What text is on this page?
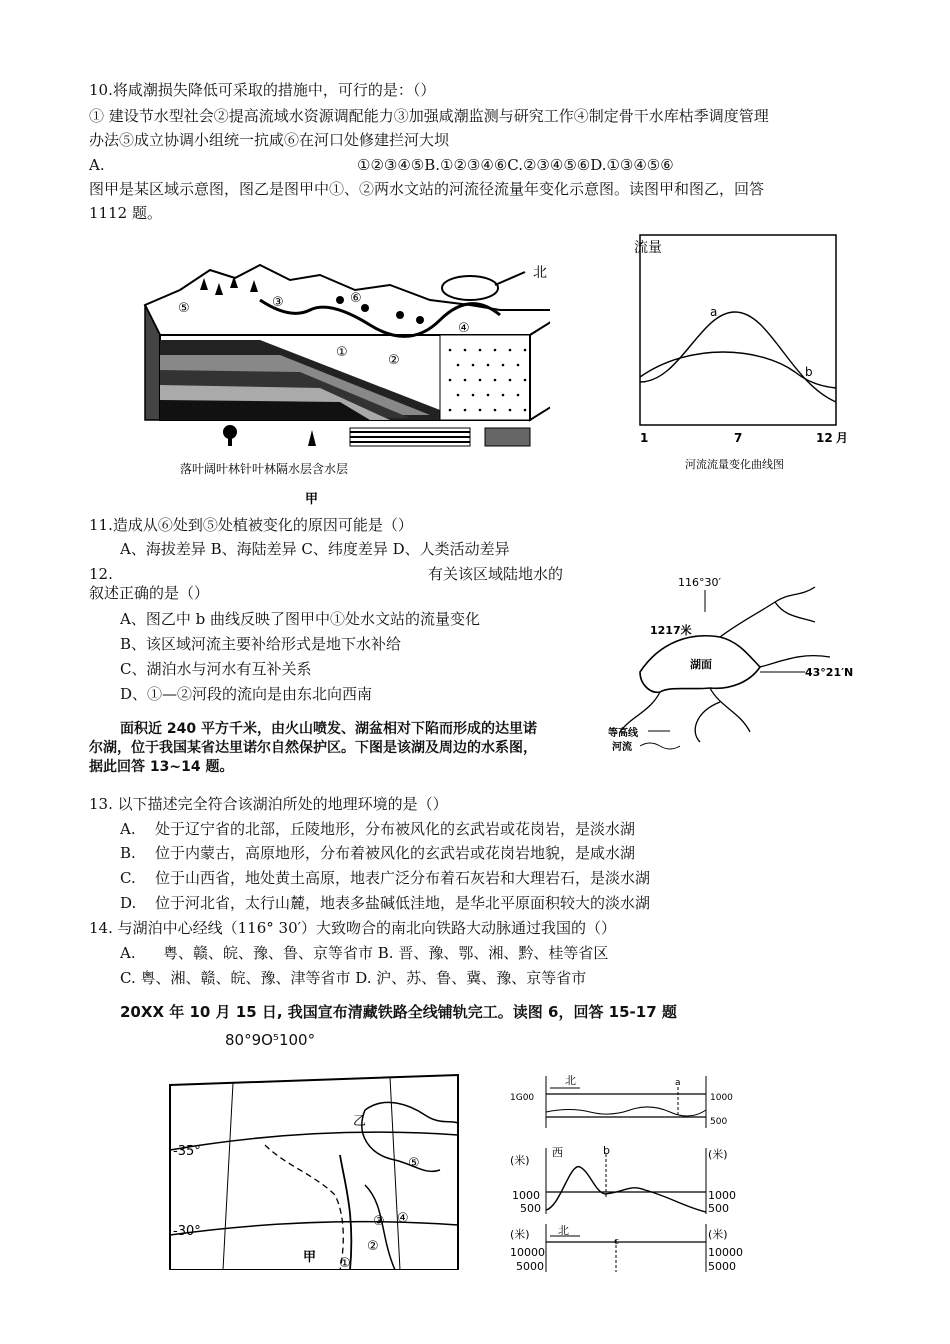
10.将咸潮损失降低可采取的措施中，可行的是：（）
① 建设节水型社会②提高流域水资源调配能力③加强咸潮监测与研究工作④制定骨干水库枯季调度管理
办法⑤成立协调小组统一抗咸⑥在河口处修建拦河大坝
A.	①②③④⑤B.①②③④⑥C.②③④⑤⑥D.①③④⑤⑥
图甲是某区域示意图，图乙是图甲中①、②两水文站的河流径流量年变化示意图。读图甲和图乙，回答
1112 题。
⑤	③	⑥
④
①
②
北
落叶阔叶林针叶林隔水层含水层
甲
流量
a
b
1	7	12 月
河流流量变化曲线图
11.造成从⑥处到⑤处植被变化的原因可能是（）
A、海拔差异 B、海陆差异 C、纬度差异 D、人类活动差异
12.	有关该区域陆地水的
叙述正确的是（）
A、图乙中 b 曲线反映了图甲中①处水文站的流量变化
B、该区域河流主要补给形式是地下水补给
C、湖泊水与河水有互补关系
D、①—②河段的流向是由东北向西南
116°30′
1217米
湖面
43°21′N
等高线
河流
面积近 240 平方千米，由火山喷发、湖盆相对下陷而形成的达里诺
尔湖，位于我国某省达里诺尔自然保护区。下图是该湖及周边的水系图，
据此回答 13~14 题。
13. 以下描述完全符合该湖泊所处的地理环境的是（）
A. 处于辽宁省的北部，丘陵地形，分布被风化的玄武岩或花岗岩，是淡水湖
B. 位于内蒙古，高原地形，分布着被风化的玄武岩或花岗岩地貌，是咸水湖
C. 位于山西省，地处黄土高原，地表广泛分布着石灰岩和大理岩石，是淡水湖
D. 位于河北省，太行山麓，地表多盐碱低洼地，是华北平原面积较大的淡水湖
14. 与湖泊中心经线（116° 30′）大致吻合的南北向铁路大动脉通过我国的（）
A. 粤、赣、皖、豫、鲁、京等省市 B. 晋、豫、鄂、湘、黔、桂等省区
C. 粤、湘、赣、皖、豫、津等省市 D. 沪、苏、鲁、冀、豫、京等省市
20XX 年 10 月 15 日, 我国宣布清藏铁路全线铺轨完工。读图 6，回答 15-17 题
80°9O⁵100°
-35°
-30°
乙
甲
⑤
③ ④
②
①
1G00	1000
北	a
500
(米)	(米)
西	b
1000
500
1000
500
(米)	(米)
北
c
10000
5000
10000
5000
